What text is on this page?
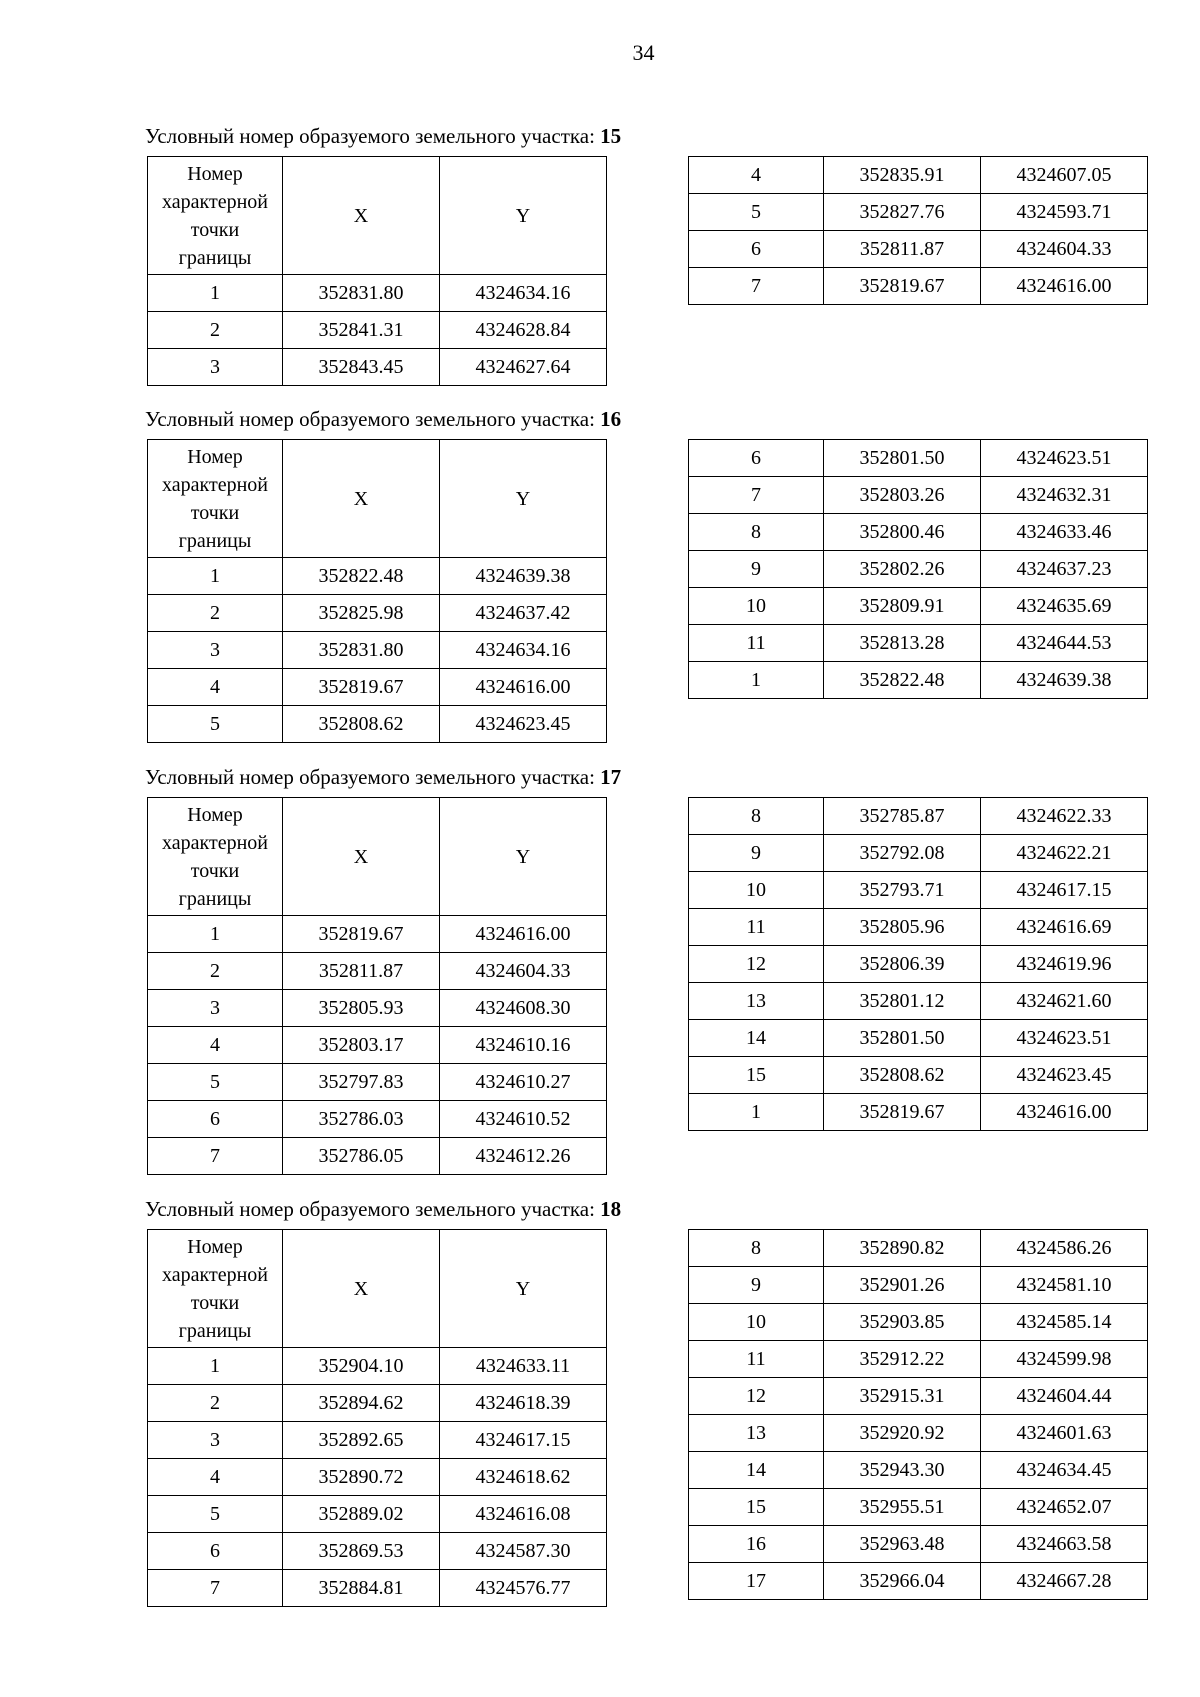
34
Условный номер образуемого земельного участка: 15
Номер
характерной
точки
границы	X	Y
1	352831.80	4324634.16
2	352841.31	4324628.84
3	352843.45	4324627.64
4	352835.91	4324607.05
5	352827.76	4324593.71
6	352811.87	4324604.33
7	352819.67	4324616.00
Условный номер образуемого земельного участка: 16
Номер
характерной
точки
границы	X	Y
1	352822.48	4324639.38
2	352825.98	4324637.42
3	352831.80	4324634.16
4	352819.67	4324616.00
5	352808.62	4324623.45
6	352801.50	4324623.51
7	352803.26	4324632.31
8	352800.46	4324633.46
9	352802.26	4324637.23
10	352809.91	4324635.69
11	352813.28	4324644.53
1	352822.48	4324639.38
Условный номер образуемого земельного участка: 17
Номер
характерной
точки
границы	X	Y
1	352819.67	4324616.00
2	352811.87	4324604.33
3	352805.93	4324608.30
4	352803.17	4324610.16
5	352797.83	4324610.27
6	352786.03	4324610.52
7	352786.05	4324612.26
8	352785.87	4324622.33
9	352792.08	4324622.21
10	352793.71	4324617.15
11	352805.96	4324616.69
12	352806.39	4324619.96
13	352801.12	4324621.60
14	352801.50	4324623.51
15	352808.62	4324623.45
1	352819.67	4324616.00
Условный номер образуемого земельного участка: 18
Номер
характерной
точки
границы	X	Y
1	352904.10	4324633.11
2	352894.62	4324618.39
3	352892.65	4324617.15
4	352890.72	4324618.62
5	352889.02	4324616.08
6	352869.53	4324587.30
7	352884.81	4324576.77
8	352890.82	4324586.26
9	352901.26	4324581.10
10	352903.85	4324585.14
11	352912.22	4324599.98
12	352915.31	4324604.44
13	352920.92	4324601.63
14	352943.30	4324634.45
15	352955.51	4324652.07
16	352963.48	4324663.58
17	352966.04	4324667.28
